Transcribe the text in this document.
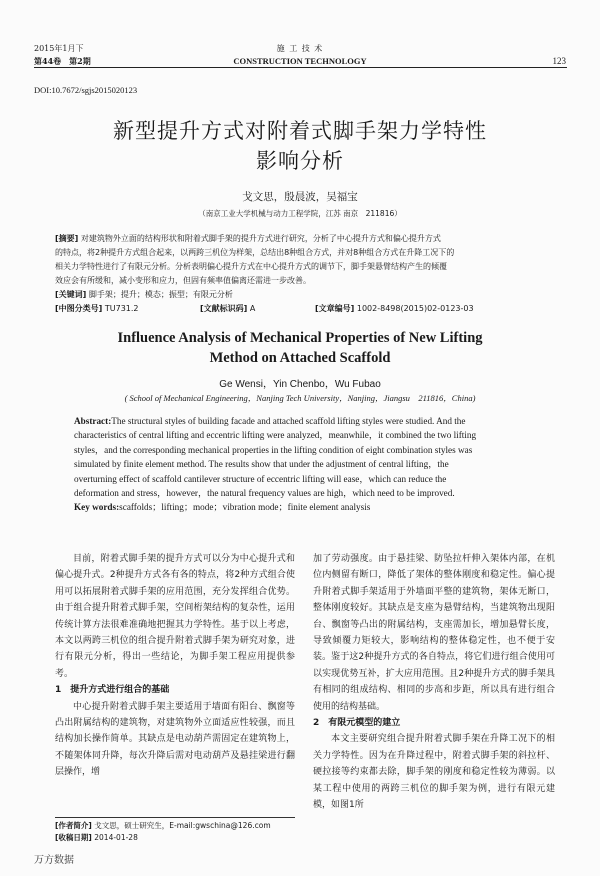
2015年1月下
第44卷　第2期
施 工 技 术
CONSTRUCTION TECHNOLOGY	123
DOI:10.7672/sgjs2015020123
新型提升方式对附着式脚手架力学特性
影响分析
戈文思，殷晨波，吴福宝
（南京工业大学机械与动力工程学院，江苏 南京　211816）
[摘要] 对建筑物外立面的结构形状和附着式脚手架的提升方式进行研究，分析了中心提升方式和偏心提升方式
的特点，将2种提升方式组合起来，以两跨三机位为样架，总结出8种组合方式，并对8种组合方式在升降工况下的
相关力学特性进行了有限元分析。分析表明偏心提升方式在中心提升方式的调节下，脚手架悬臂结构产生的倾覆
效应会有所缓和，减小变形和应力，但固有频率值偏离还需进一步改善。
[关键词] 脚手架；提升；模态；振型；有限元分析
[中图分类号] TU731.2	[文献标识码] A	[文章编号] 1002-8498(2015)02-0123-03
Influence Analysis of Mechanical Properties of New Lifting
Method on Attached Scaffold
Ge Wensi，Yin Chenbo，Wu Fubao
( School of Mechanical Engineering，Nanjing Tech University，Nanjing，Jiangsu　211816，China)
Abstract:The structural styles of building facade and attached scaffold lifting styles were studied. And the
characteristics of central lifting and eccentric lifting were analyzed，meanwhile，it combined the two lifting
styles，and the corresponding mechanical properties in the lifting condition of eight combination styles was
simulated by finite element method. The results show that under the adjustment of central lifting，the
overturning effect of scaffold cantilever structure of eccentric lifting will ease，which can reduce the
deformation and stress，however，the natural frequency values are high，which need to be improved.
Key words:scaffolds；lifting；mode；vibration mode；finite element analysis

目前，附着式脚手架的提升方式可以分为中心提升式和偏心提升式。2种提升方式各有各的特点，将2种方式组合使用可以拓展附着式脚手架的应用范围，充分发挥组合优势。由于组合提升附着式脚手架，空间桁架结构的复杂性，运用传统计算方法很难准确地把握其力学特性。基于以上考虑，本文以两跨三机位的组合提升附着式脚手架为研究对象，进行有限元分析，得出一些结论，为脚手架工程应用提供参考。

1　提升方式进行组合的基础

中心提升附着式脚手架主要适用于墙面有阳台、飘窗等凸出附属结构的建筑物，对建筑物外立面适应性较强，而且结构加长操作简单。其缺点是电动葫芦需固定在建筑物上，不随架体同升降，每次升降后需对电动葫芦及悬挂梁进行翻层操作，增

[作者简介] 戈文思，硕士研究生，E-mail:gwschina@126.com
[收稿日期] 2014-01-28

加了劳动强度。由于悬挂梁、防坠拉杆伸入架体内部，在机位内侧留有断口，降低了架体的整体刚度和稳定性。偏心提升附着式脚手架适用于外墙面平整的建筑物，架体无断口，整体刚度较好。其缺点是支座为悬臂结构，当建筑物出现阳台、飘窗等凸出的附属结构，支座需加长，增加悬臂长度，导致倾覆力矩较大，影响结构的整体稳定性，也不便于安装。鉴于这2种提升方式的各自特点，将它们进行组合使用可以实现优势互补，扩大应用范围。且2种提升方式的脚手架具有相同的组成结构、相同的步高和步距，所以具有进行组合使用的结构基础。

2　有限元模型的建立

本文主要研究组合提升附着式脚手架在升降工况下的相关力学特性。因为在升降过程中，附着式脚手架的斜拉杆、硬拉接等约束都去除，脚手架的刚度和稳定性较为薄弱。以某工程中使用的两跨三机位的脚手架为例，进行有限元建模，如图1所

万方数据
